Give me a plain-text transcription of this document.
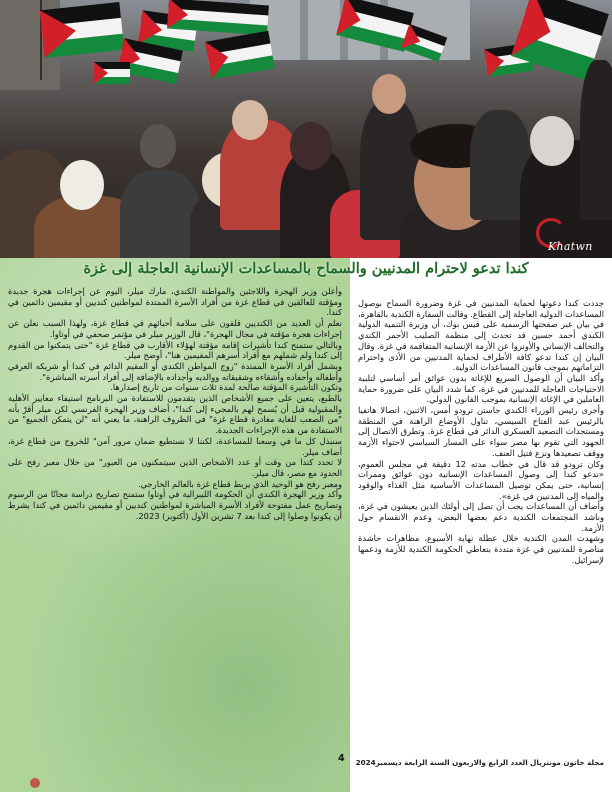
Khatwn
كندا تدعو لاحترام المدنيين والسماح بالمساعدات الإنسانية العاجلة إلى غزة

جددت كندا دعوتها لحماية المدنيين في غزة وضرورة السماح بوصول المساعدات الدولية العاجلة إلى القطاع. وقالت السفارة الكندية بالقاهرة، في بيان عبر صفحتها الرسمية على فيس بوك، أن وزيرة التنمية الدولية الكندي أحمد حسين قد تحدث إلى منظمة الصليب الأحمر الكندي والتحالف الإنساني والأونروا عن الأزمة الإنسانية المتفاقمة في غزة. وقال البيان إن كندا تدعو كافة الأطراف لحماية المدنيين من الأذى واحترام التزاماتهم بموجب قانون المساعدات الدولية.

وأكد البيان أن الوصول السريع للإغاثة بدون عوائق أمر أساسي لتلبية الاحتياجات العاجلة للمدنيين في غزة، كما شدد البيان على ضرورة حماية العاملين في الإغاثة الإنسانية بموجب القانون الدولي.

وأجرى رئيس الوزراء الكندي جاستن ترودو أمس، الاثنين، اتصالا هاتفيا بالرئيس عبد الفتاح السيسي، تناول الأوضاع الراهنة في المنطقة ومستجدات التصعيد العسكري الدائر في قطاع غزة. وتطرق الاتصال إلى الجهود التي تقوم بها مصر سواء على المسار السياسي لاحتواء الأزمة ووقف تصعيدها ونزع فتيل العنف.

وكان ترودو قد قال في خطاب مدته 12 دقيقة في مجلس العموم، «ندعو كندا إلى وصول المساعدات الإنسانية دون عوائق وممرات إنسانية، حتى يمكن توصيل المساعدات الأساسية مثل الغذاء والوقود والمياه إلى المدنيين في غزة».

وأضاف أن المساعدات يجب أن تصل إلى أولئك الذين يعيشون في غزة، وناشد المجتمعات الكندية دعم بعضها البعض، وعدم الانقسام حول الأزمة.

وشهدت المدن الكندية خلال عطلة نهاية الأسبوع، مظاهرات حاشدة مناصرة للمدنيين في غزة منددة بتعاطي الحكومة الكندية للأزمة ودعمها لإسرائيل.

وأعلن وزير الهجرة واللاجئين والمواطنة الكندي، مارك ميلر، اليوم عن إجراءات هجرة جديدة ومؤقتة للعالقين في قطاع غزة من أفراد الأسرة الممتدة لمواطنين كنديين أو مقيمين دائمين في كندا.

نعلم أن العديد من الكنديين قلقون على سلامة أحبائهم في قطاع غزة، ولهذا السبب نعلن عن إجراءات هجرة مؤقتة في مجال الهجرة"، قال الوزير ميلر في مؤتمر صحفي في أوتاوا.

وبالتالي ستمنح كندا تأشيرات إقامة مؤقتة لهؤلاء الأقارب في قطاع غزة "حتى يتمكنوا من القدوم إلى كندا ولم شملهم مع أفراد أسرهم المقيمين هنا"، أوضح ميلر.

ويشمل أفراد الأسرة الممتدة "زوج المواطن الكندي أو المقيم الدائم في كندا أو شريكه العرفي وأطفاله وأحفاده وأشقاءه وشقيقاته ووالديه وأجداده بالإضافة إلى أفراد أسرته المباشرة".

وتكون التأشيرة المؤقتة صالحة لمدة ثلاث سنوات من تاريخ إصدارها.

بالطبع، يتعين على جميع الأشخاص الذين يتقدمون للاستفادة من البرنامج استيفاء معايير الأهلية والمقبولية قبل أن يُسمح لهم بالمجيء إلى كندا"، أضاف وزير الهجرة الفرنسي لكن ميلر أقرّ بأنه "من الصعب للغاية مغادرة قطاع غزة" في الظروف الراهنة، ما يعني أنه "لن يتمكن الجميع" من الاستفادة من هذه الإجراءات الجديدة.

سنبذل كل ما في وسعنا للمساعدة، لكننا لا نستطيع ضمان مرور آمن" للخروج من قطاع غزة، أضاف ميلر.

لا تحدد كندا من وقت أو عدد الأشخاص الذين سيتمكنون من العبور" من خلال معبر رفح على الحدود مع مصر، قال ميلر.

ومعبر رفح هو الوحيد الذي يربط قطاع غزة بالعالم الخارجي.

وأكد وزير الهجرة الكندي أن الحكومة الليبرالية في أوتاوا ستمنح تصاريح دراسة مجانًا من الرسوم وتصاريح عمل مفتوحة لأفراد الأسرة المباشرة لمواطنين كنديين أو مقيمين دائمين في كندا بشرط أن يكونوا وصلوا إلى كندا بعد 7 تشرين الأول (أكتوبر) 2023.

4 مجلة خاتون مونتريال العدد الرابع والاربعون السنة الرابعة ديسمبر2024
